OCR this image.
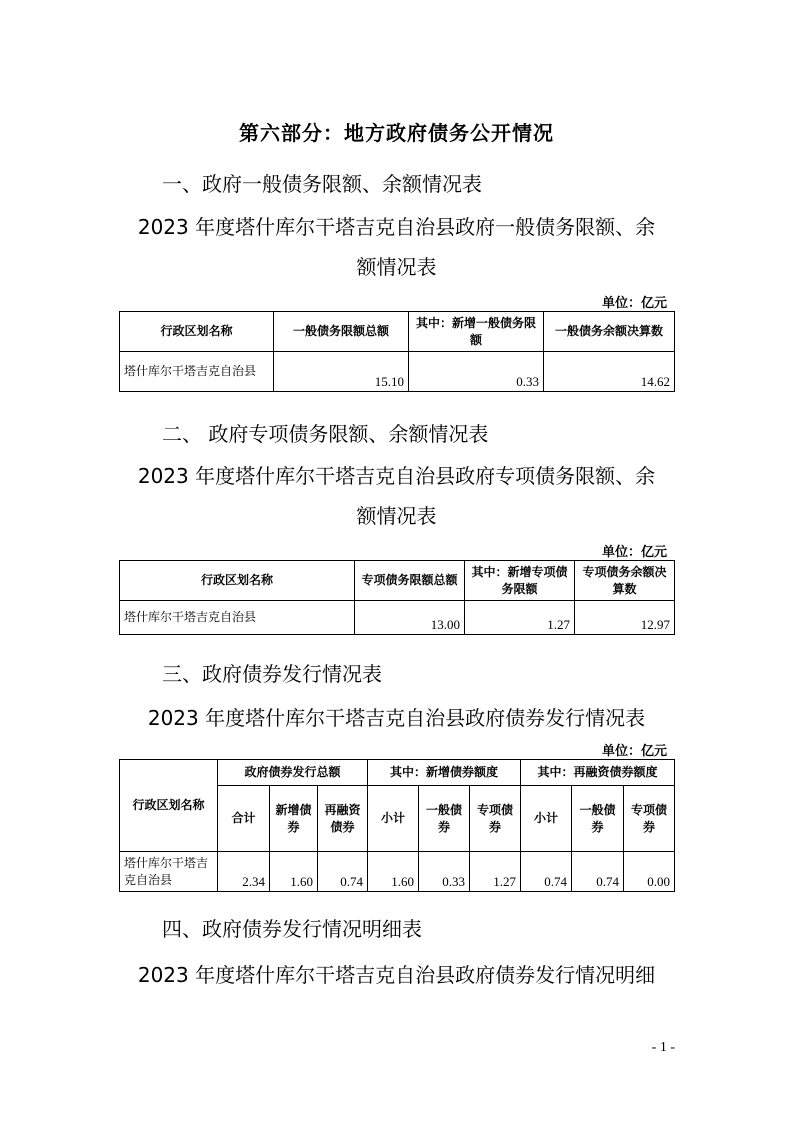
第六部分：地方政府债务公开情况
一、政府一般债务限额、余额情况表
2023 年度塔什库尔干塔吉克自治县政府一般债务限额、余
额情况表
单位：亿元
行政区划名称	一般债务限额总额	其中：新增一般债务限额	一般债务余额决算数
塔什库尔干塔吉克自治县	15.10	0.33	14.62
二、 政府专项债务限额、余额情况表
2023 年度塔什库尔干塔吉克自治县政府专项债务限额、余
额情况表
单位：亿元
行政区划名称	专项债务限额总额	其中：新增专项债务限额	专项债务余额决算数
塔什库尔干塔吉克自治县	13.00	1.27	12.97
三、政府债券发行情况表
2023 年度塔什库尔干塔吉克自治县政府债券发行情况表
单位：亿元
行政区划名称	政府债券发行总额			其中：新增债券额度			其中：再融资债券额度		
	合计	新增债券	再融资债券	小计	一般债券	专项债券	小计	一般债券	专项债券
塔什库尔干塔吉克自治县	2.34	1.60	0.74	1.60	0.33	1.27	0.74	0.74	0.00
四、政府债券发行情况明细表
2023 年度塔什库尔干塔吉克自治县政府债券发行情况明细
- 1 -
